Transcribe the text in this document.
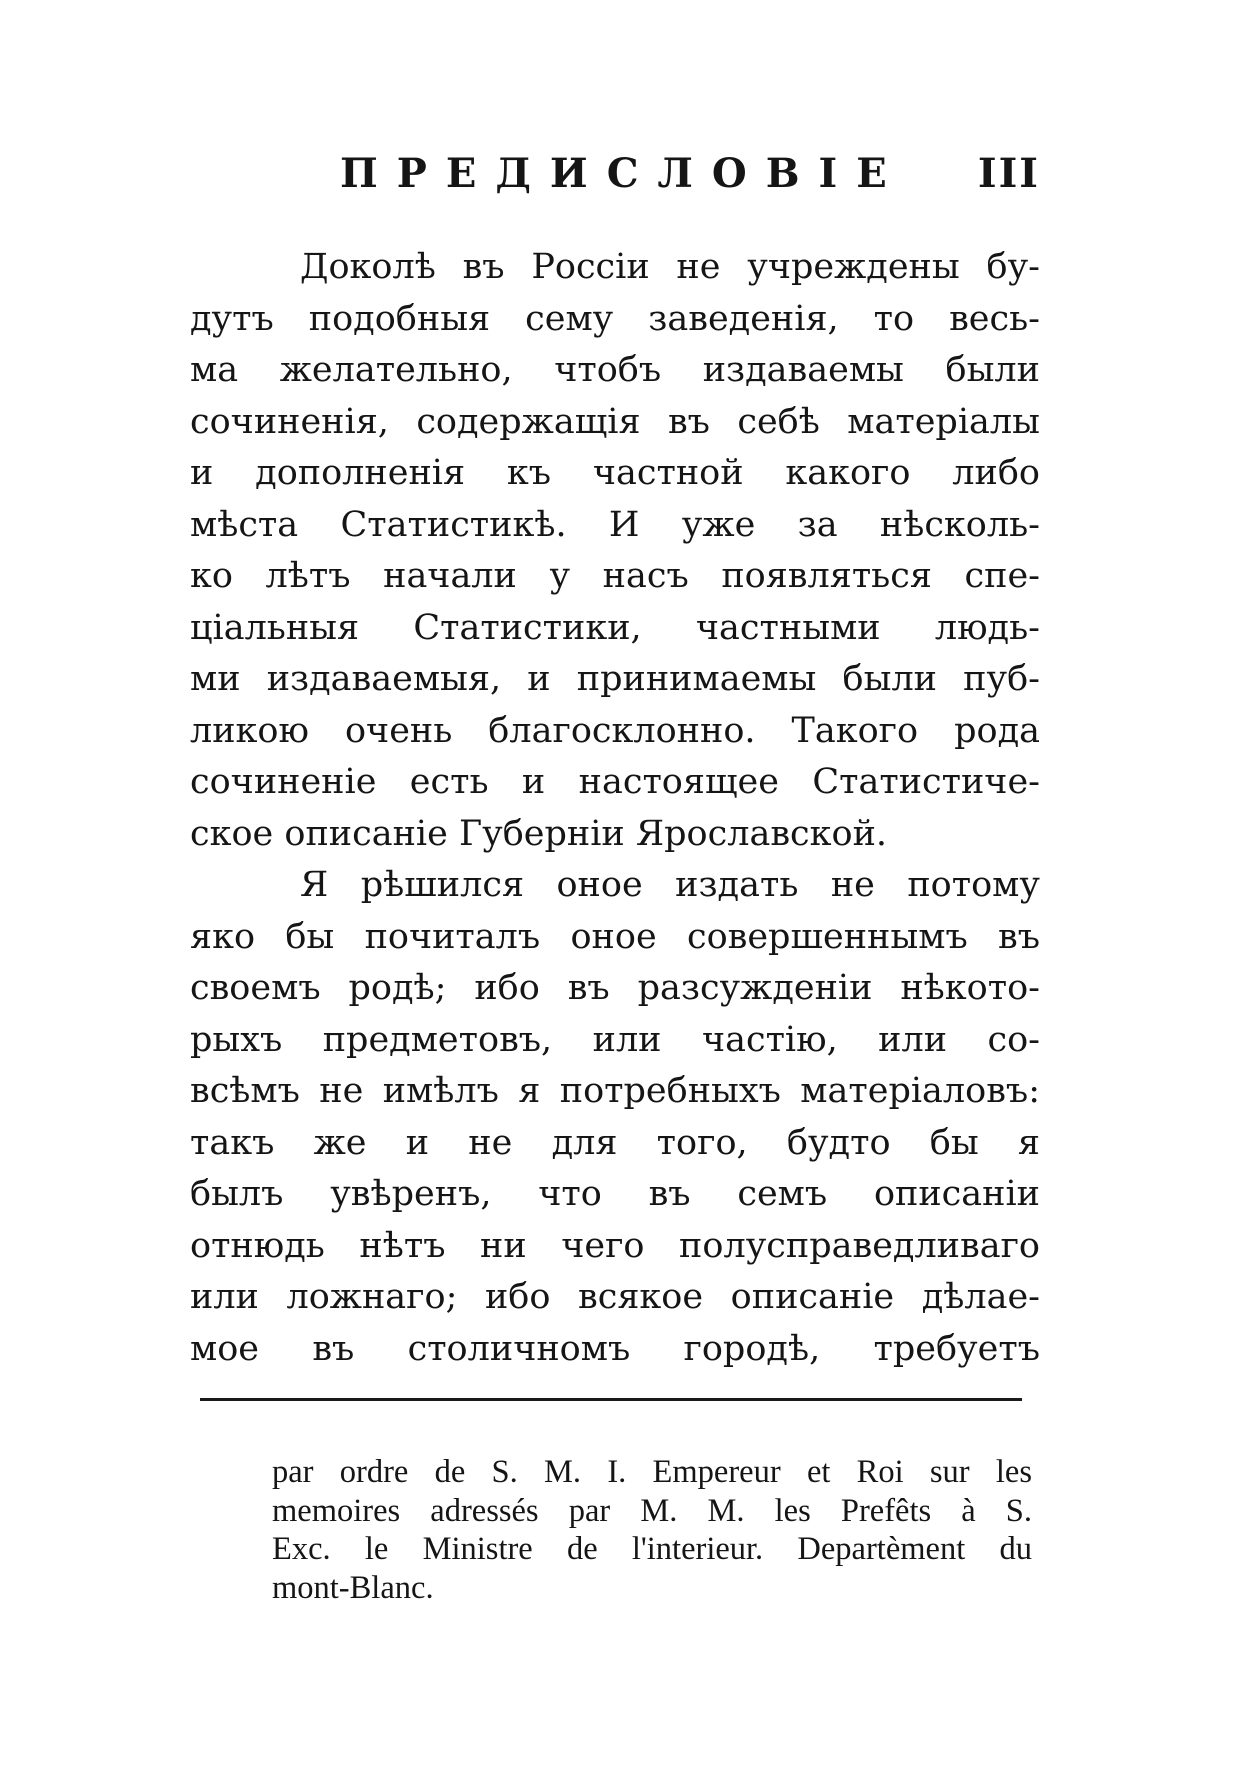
ПРЕДИСЛОВІЕ III
Доколѣ въ Россіи не учреждены бу-
дутъ подобныя сему заведенія, то весь-
ма желательно, чтобъ издаваемы были
сочиненія, содержащія въ себѣ матеріалы
и дополненія къ частной какого либо
мѣста Статистикѣ. И уже за нѣсколь-
ко лѣтъ начали у насъ появляться спе-
ціальныя Статистики, частными людь-
ми издаваемыя, и принимаемы были пуб-
ликою очень благосклонно. Такого рода
сочиненіе есть и настоящее Статистиче-
ское описаніе Губерніи Ярославской.
Я рѣшился оное издать не потому
яко бы почиталъ оное совершеннымъ въ
своемъ родѣ; ибо въ разсужденіи нѣкото-
рыхъ предметовъ, или частію, или со-
всѣмъ не имѣлъ я потребныхъ матеріаловъ:
такъ же и не для того, будто бы я
былъ увѣренъ, что въ семъ описаніи
отнюдь нѣтъ ни чего полусправедливаго
или ложнаго; ибо всякое описаніе дѣлае-
мое въ столичномъ городѣ, требуетъ
par ordre de S. M. I. Empereur et Roi sur les
memoires adressés par M. M. les Prefêts à S.
Exc. le Ministre de l'interieur. Departèment du
mont-Blanc.
